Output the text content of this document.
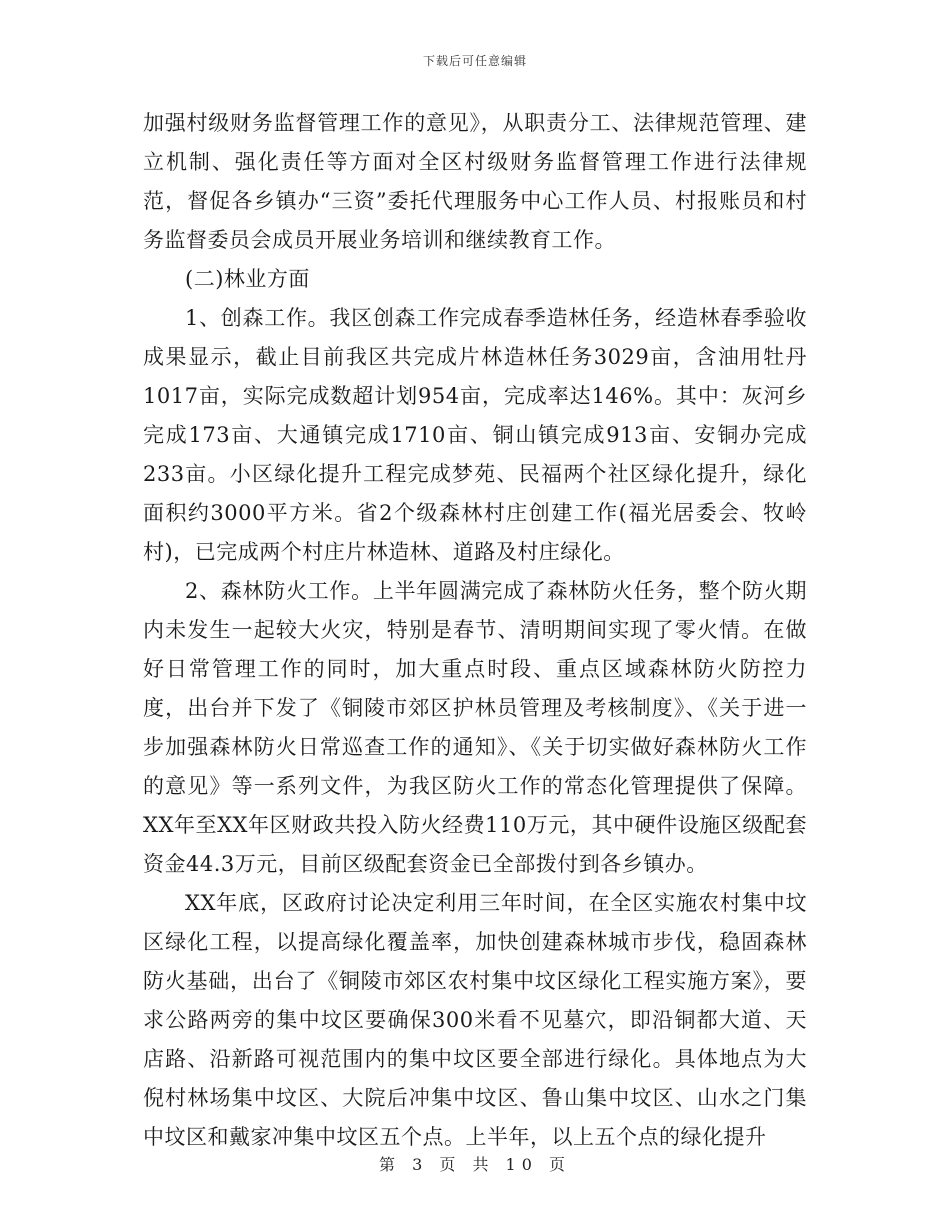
下载后可任意编辑

加强村级财务监督管理工作的意见》，从职责分工、法律规范管理、建立机制、强化责任等方面对全区村级财务监督管理工作进行法律规范，督促各乡镇办“三资”委托代理服务中心工作人员、村报账员和村务监督委员会成员开展业务培训和继续教育工作。

(二)林业方面

1、创森工作。我区创森工作完成春季造林任务，经造林春季验收成果显示，截止目前我区共完成片林造林任务3029亩，含油用牡丹1017亩，实际完成数超计划954亩，完成率达146%。其中：灰河乡完成173亩、大通镇完成1710亩、铜山镇完成913亩、安铜办完成233亩。小区绿化提升工程完成梦苑、民福两个社区绿化提升，绿化面积约3000平方米。省2个级森林村庄创建工作(福光居委会、牧岭村)，已完成两个村庄片林造林、道路及村庄绿化。

2、森林防火工作。上半年圆满完成了森林防火任务，整个防火期内未发生一起较大火灾，特别是春节、清明期间实现了零火情。在做好日常管理工作的同时，加大重点时段、重点区域森林防火防控力度，出台并下发了《铜陵市郊区护林员管理及考核制度》、《关于进一步加强森林防火日常巡查工作的通知》、《关于切实做好森林防火工作的意见》等一系列文件，为我区防火工作的常态化管理提供了保障。XX年至XX年区财政共投入防火经费110万元，其中硬件设施区级配套资金44.3万元，目前区级配套资金已全部拨付到各乡镇办。

XX年底，区政府讨论决定利用三年时间，在全区实施农村集中坟区绿化工程，以提高绿化覆盖率，加快创建森林城市步伐，稳固森林防火基础，出台了《铜陵市郊区农村集中坟区绿化工程实施方案》，要求公路两旁的集中坟区要确保300米看不见墓穴，即沿铜都大道、天店路、沿新路可视范围内的集中坟区要全部进行绿化。具体地点为大倪村林场集中坟区、大院后冲集中坟区、鲁山集中坟区、山水之门集中坟区和戴家冲集中坟区五个点。上半年，以上五个点的绿化提升

第 3 页 共 10 页
